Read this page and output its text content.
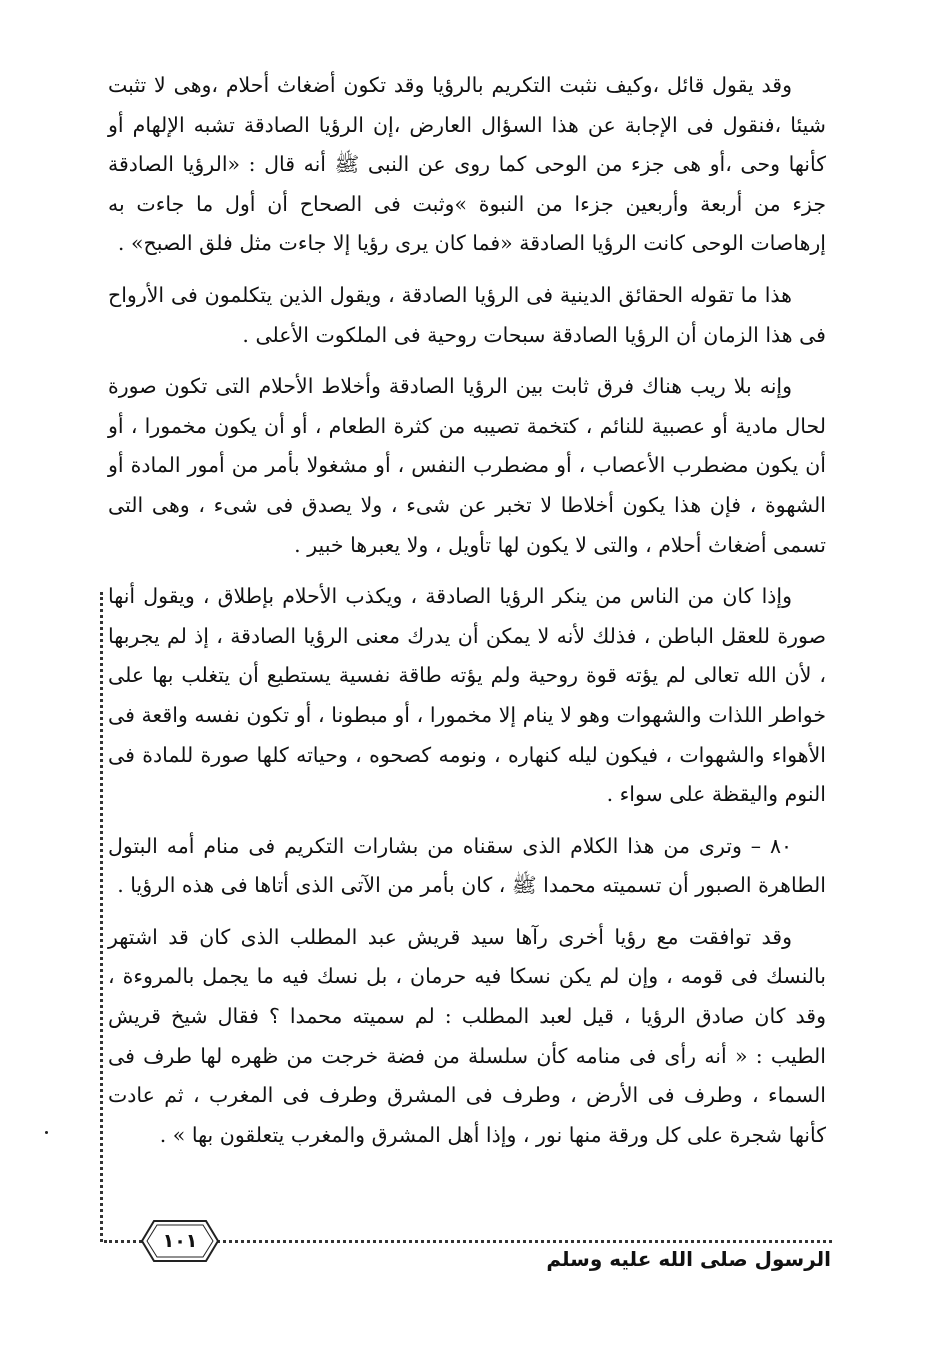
وقد يقول قائل ،وكيف نثبت التكريم بالرؤيا وقد تكون أضغاث أحلام ،وهى لا تثبت شيئا ،فنقول فى الإجابة عن هذا السؤال العارض ،إن الرؤيا الصادقة تشبه الإلهام أو كأنها وحى ،أو هى جزء من الوحى كما روى عن النبى ﷺ أنه قال : «الرؤيا الصادقة جزء من أربعة وأربعين جزءا من النبوة »وثبت فى الصحاح أن أول ما جاءت به إرهاصات الوحى كانت الرؤيا الصادقة «فما كان يرى رؤيا إلا جاءت مثل فلق الصبح» .

هذا ما تقوله الحقائق الدينية فى الرؤيا الصادقة ، ويقول الذين يتكلمون فى الأرواح فى هذا الزمان أن الرؤيا الصادقة سبحات روحية فى الملكوت الأعلى .

وإنه بلا ريب هناك فرق ثابت بين الرؤيا الصادقة وأخلاط الأحلام التى تكون صورة لحال مادية أو عصبية للنائم ، كتخمة تصيبه من كثرة الطعام ، أو أن يكون مخمورا ، أو أن يكون مضطرب الأعصاب ، أو مضطرب النفس ، أو مشغولا بأمر من أمور المادة أو الشهوة ، فإن هذا يكون أخلاطا لا تخبر عن شىء ، ولا يصدق فى شىء ، وهى التى تسمى أضغاث أحلام ، والتى لا يكون لها تأويل ، ولا يعبرها خبير .

وإذا كان من الناس من ينكر الرؤيا الصادقة ، ويكذب الأحلام بإطلاق ، ويقول أنها صورة للعقل الباطن ، فذلك لأنه لا يمكن أن يدرك معنى الرؤيا الصادقة ، إذ لم يجربها ، لأن الله تعالى لم يؤته قوة روحية ولم يؤته طاقة نفسية يستطيع أن يتغلب بها على خواطر اللذات والشهوات وهو لا ينام إلا مخمورا ، أو مبطونا ، أو تكون نفسه واقعة فى الأهواء والشهوات ، فيكون ليله كنهاره ، ونومه كصحوه ، وحياته كلها صورة للمادة فى النوم واليقظة على سواء .

٨٠ – وترى من هذا الكلام الذى سقناه من بشارات التكريم فى منام أمه البتول الطاهرة الصبور أن تسميته محمدا ﷺ ، كان بأمر من الآتى الذى أتاها فى هذه الرؤيا .

وقد توافقت مع رؤيا أخرى رآها سيد قريش عبد المطلب الذى كان قد اشتهر بالنسك فى قومه ، وإن لم يكن نسكا فيه حرمان ، بل نسك فيه ما يجمل بالمروءة ، وقد كان صادق الرؤيا ، قيل لعبد المطلب : لم سميته محمدا ؟ فقال شيخ قريش الطيب : « أنه رأى فى منامه كأن سلسلة من فضة خرجت من ظهره لها طرف فى السماء ، وطرف فى الأرض ، وطرف فى المشرق وطرف فى المغرب ، ثم عادت كأنها شجرة على كل ورقة منها نور ، وإذا أهل المشرق والمغرب يتعلقون بها » .

١٠١
الرسول صلى الله عليه وسلم
